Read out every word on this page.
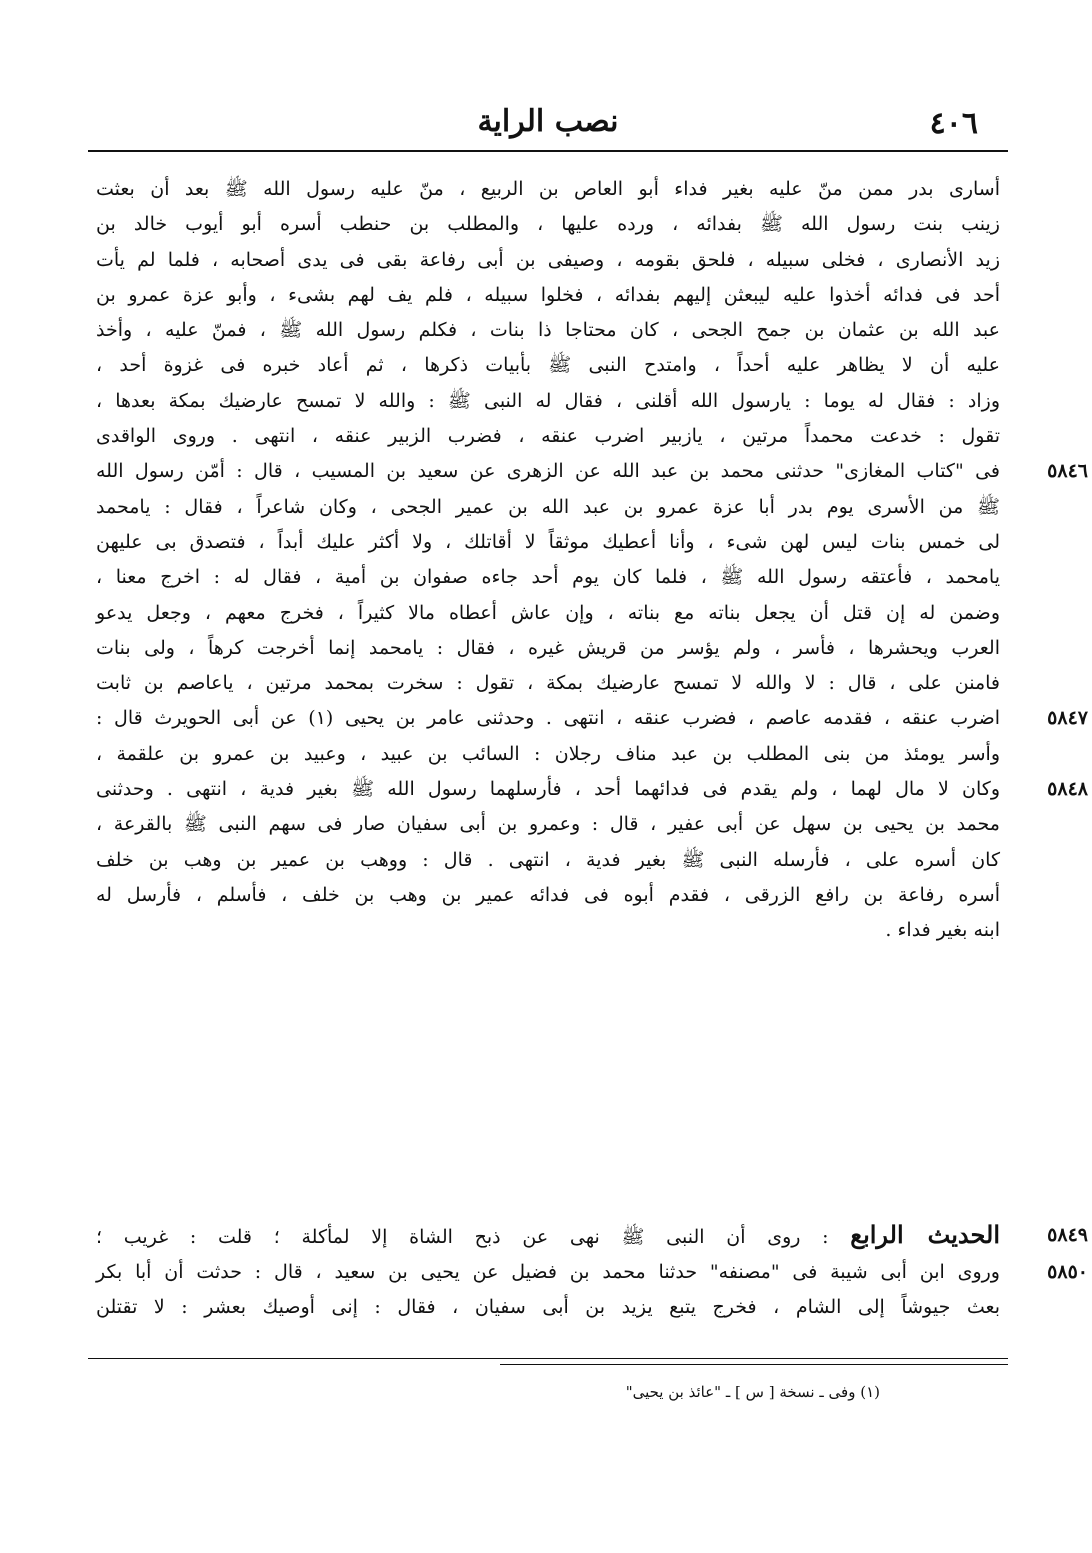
نصب الراية	٤٠٦
أسارى بدر ممن منّ عليه بغير فداء أبو العاص بن الربيع ، منّ عليه رسول الله ﷺ بعد أن بعثت
زينب بنت رسول الله ﷺ بفدائه ، ورده عليها ، والمطلب بن حنطب أسره أبو أيوب خالد بن
زيد الأنصارى ، فخلى سبيله ، فلحق بقومه ، وصيفى بن أبى رفاعة بقى فى يدى أصحابه ، فلما لم يأت
أحد فى فدائه أخذوا عليه ليبعثن إليهم بفدائه ، فخلوا سبيله ، فلم يف لهم بشىء ، وأبو عزة عمرو بن
عبد الله بن عثمان بن جمح الجحى ، كان محتاجا ذا بنات ، فكلم رسول الله ﷺ ، فمنّ عليه ، وأخذ
عليه أن لا يظاهر عليه أحداً ، وامتدح النبى ﷺ بأبيات ذكرها ، ثم أعاد خبره فى غزوة أحد ،
وزاد : فقال له يوما : يارسول الله أقلنى ، فقال له النبى ﷺ : والله لا تمسح عارضيك بمكة بعدها ،
تقول : خدعت محمداً مرتين ، يازبير اضرب عنقه ، فضرب الزبير عنقه ، انتهى . وروى الواقدى
فى "كتاب المغازى" حدثنى محمد بن عبد الله عن الزهرى عن سعيد بن المسيب ، قال : أمّن رسول الله	٥٨٤٦
ﷺ من الأسرى يوم بدر أبا عزة عمرو بن عبد الله بن عمير الجحى ، وكان شاعراً ، فقال : يامحمد
لى خمس بنات ليس لهن شىء ، وأنا أعطيك موثقاً لا أقاتلك ، ولا أكثر عليك أبداً ، فتصدق بى عليهن
يامحمد ، فأعتقه رسول الله ﷺ ، فلما كان يوم أحد جاءه صفوان بن أمية ، فقال له : اخرج معنا ،
وضمن له إن قتل أن يجعل بناته مع بناته ، وإن عاش أعطاه مالا كثيراً ، فخرج معهم ، وجعل يدعو
العرب ويحشرها ، فأسر ، ولم يؤسر من قريش غيره ، فقال : يامحمد إنما أخرجت كرهاً ، ولى بنات
فامنن على ، قال : لا والله لا تمسح عارضيك بمكة ، تقول : سخرت بمحمد مرتين ، ياعاصم بن ثابت
اضرب عنقه ، فقدمه عاصم ، فضرب عنقه ، انتهى . وحدثنى عامر بن يحيى (١) عن أبى الحويرث قال :	٥٨٤٧
وأسر يومئذ من بنى المطلب بن عبد مناف رجلان : السائب بن عبيد ، وعبيد بن عمرو بن علقمة ،
وكان لا مال لهما ، ولم يقدم فى فدائهما أحد ، فأرسلهما رسول الله ﷺ بغير فدية ، انتهى . وحدثنى	٥٨٤٨
محمد بن يحيى بن سهل عن أبى عفير ، قال : وعمرو بن أبى سفيان صار فى سهم النبى ﷺ بالقرعة ،
كان أسره على ، فأرسله النبى ﷺ بغير فدية ، انتهى . قال : ووهب بن عمير بن وهب بن خلف
أسره رفاعة بن رافع الزرقى ، فقدم أبوه فى فدائه عمير بن وهب بن خلف ، فأسلم ، فأرسل له
ابنه بغير فداء .
الحديث الرابع : روى أن النبى ﷺ نهى عن ذبح الشاة إلا لمأكلة ؛ قلت : غريب ؛	٥٨٤٩
وروى ابن أبى شيبة فى "مصنفه" حدثنا محمد بن فضيل عن يحيى بن سعيد ، قال : حدثت أن أبا بكر	٥٨٥٠
بعث جيوشاً إلى الشام ، فخرج يتبع يزيد بن أبى سفيان ، فقال : إنى أوصيك بعشر : لا تقتلن
(١) وفى ـ نسخة [ س ] ـ "عائذ بن يحيى"
